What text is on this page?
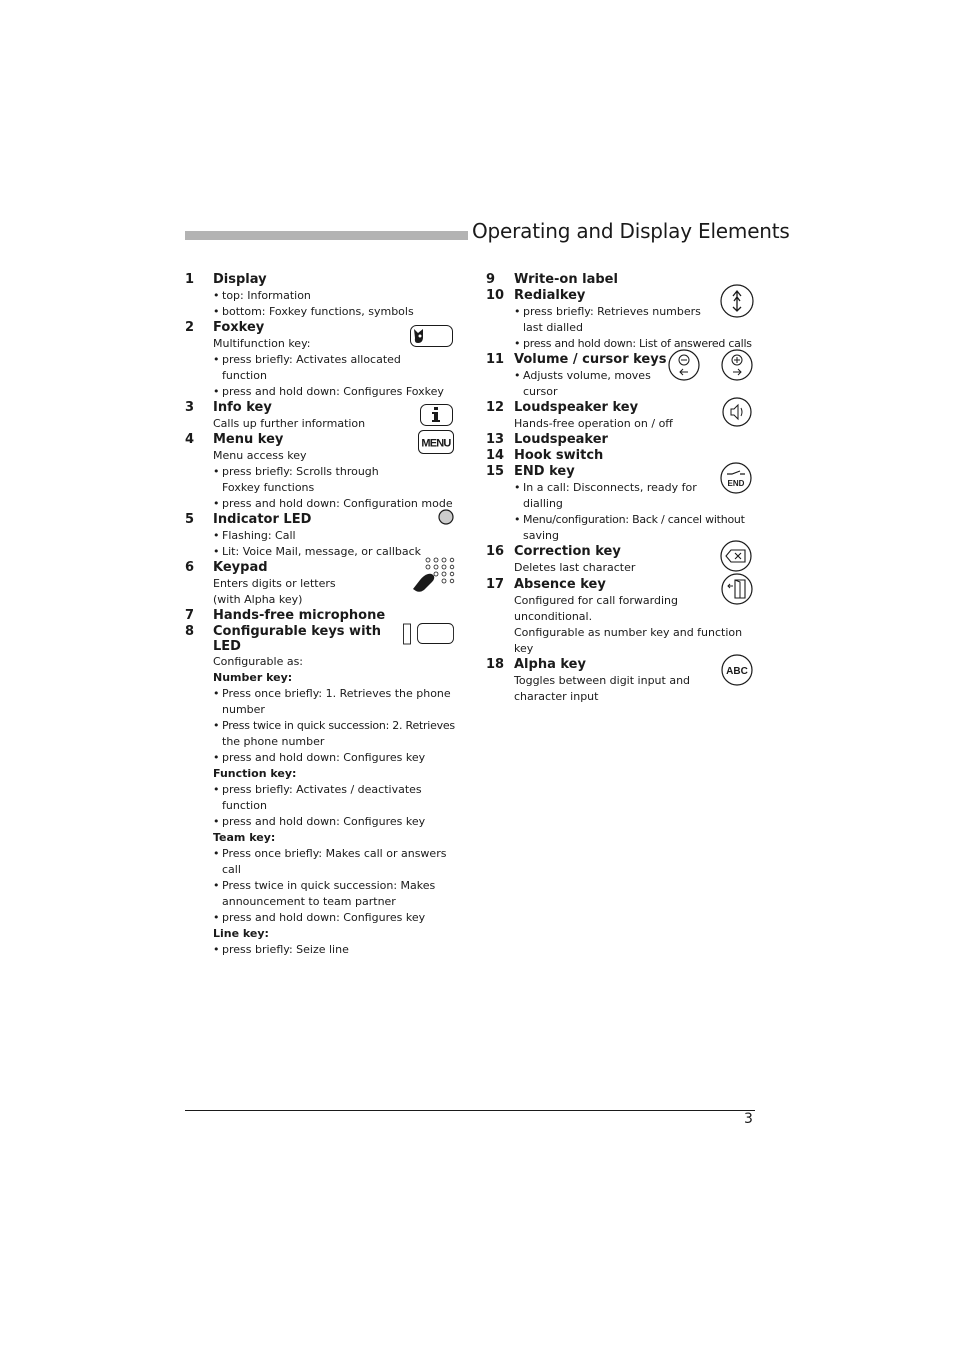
Operating and Display Elements
1 Display
• top: Information
• bottom: Foxkey functions, symbols
2 Foxkey
Multifunction key:
• press briefly: Activates allocated
function
• press and hold down: Configures Foxkey
3 Info key
Calls up further information
4 Menu key
Menu access key
• press briefly: Scrolls through
Foxkey functions
• press and hold down: Configuration mode
MENU
5 Indicator LED
• Flashing: Call
• Lit: Voice Mail, message, or callback
6 Keypad
Enters digits or letters
(with Alpha key)
7 Hands-free microphone
8 Configurable keys with
LED
Configurable as:
Number key:
• Press once briefly: 1. Retrieves the phone
number
• Press twice in quick succession: 2. Retrieves
the phone number
• press and hold down: Configures key
Function key:
• press briefly: Activates / deactivates
function
• press and hold down: Configures key
Team key:
• Press once briefly: Makes call or answers
call
• Press twice in quick succession: Makes
announcement to team partner
• press and hold down: Configures key
Line key:
• press briefly: Seize line
9 Write-on label
10 Redialkey
• press briefly: Retrieves numbers
last dialled
• press and hold down: List of answered calls
11 Volume / cursor keys
• Adjusts volume, moves
cursor
12 Loudspeaker key
Hands-free operation on / off
13 Loudspeaker
14 Hook switch
15 END key
• In a call: Disconnects, ready for
dialling
• Menu/configuration: Back / cancel without
saving
END
16 Correction key
Deletes last character
17 Absence key
Configured for call forwarding
unconditional.
Configurable as number key and function
key
18 Alpha key
Toggles between digit input and
character input
ABC
3
